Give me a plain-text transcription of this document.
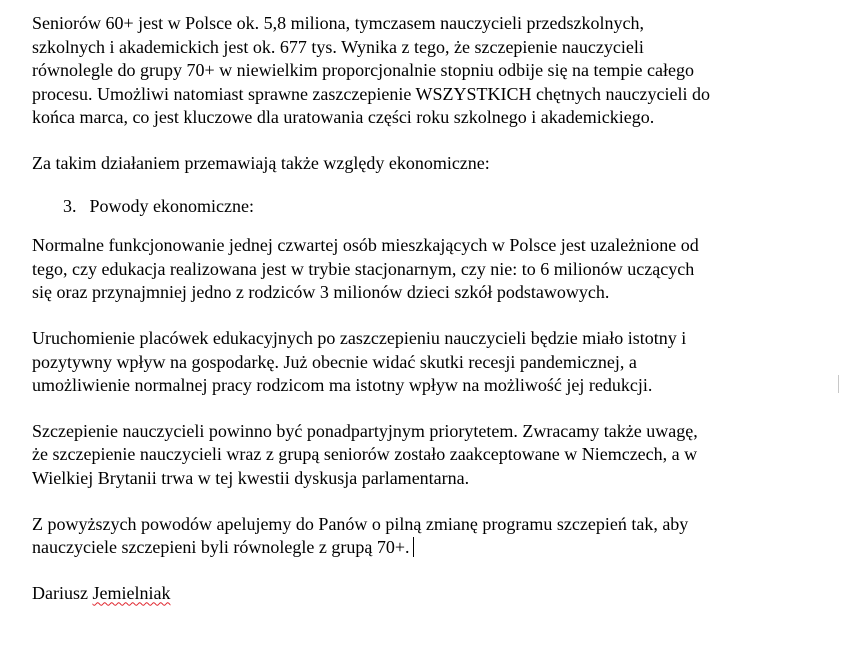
Seniorów 60+ jest w Polsce ok. 5,8 miliona, tymczasem nauczycieli przedszkolnych,
szkolnych i akademickich jest ok. 677 tys. Wynika z tego, że szczepienie nauczycieli
równolegle do grupy 70+ w niewielkim proporcjonalnie stopniu odbije się na tempie całego
procesu. Umożliwi natomiast sprawne zaszczepienie WSZYSTKICH chętnych nauczycieli do
końca marca, co jest kluczowe dla uratowania części roku szkolnego i akademickiego.

Za takim działaniem przemawiają także względy ekonomiczne:

3. Powody ekonomiczne:

Normalne funkcjonowanie jednej czwartej osób mieszkających w Polsce jest uzależnione od
tego, czy edukacja realizowana jest w trybie stacjonarnym, czy nie: to 6 milionów uczących
się oraz przynajmniej jedno z rodziców 3 milionów dzieci szkół podstawowych.

Uruchomienie placówek edukacyjnych po zaszczepieniu nauczycieli będzie miało istotny i
pozytywny wpływ na gospodarkę. Już obecnie widać skutki recesji pandemicznej, a
umożliwienie normalnej pracy rodzicom ma istotny wpływ na możliwość jej redukcji.

Szczepienie nauczycieli powinno być ponadpartyjnym priorytetem. Zwracamy także uwagę,
że szczepienie nauczycieli wraz z grupą seniorów zostało zaakceptowane w Niemczech, a w
Wielkiej Brytanii trwa w tej kwestii dyskusja parlamentarna.

Z powyższych powodów apelujemy do Panów o pilną zmianę programu szczepień tak, aby
nauczyciele szczepieni byli równolegle z grupą 70+.

Dariusz Jemielniak
